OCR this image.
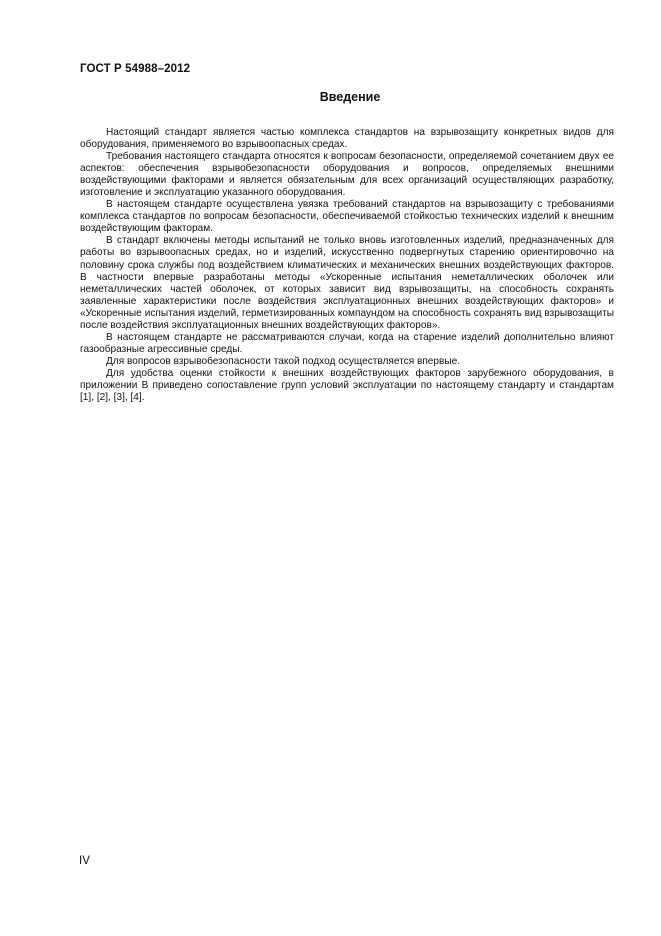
ГОСТ Р 54988–2012
Введение

Настоящий стандарт является частью комплекса стандартов на взрывозащиту конкретных видов для оборудования, применяемого во взрывоопасных средах.

Требования настоящего стандарта относятся к вопросам безопасности, определяемой сочетанием двух ее аспектов: обеспечения взрывобезопасности оборудования и вопросов, определяемых внешними воздействующими факторами и является обязательным для всех организаций осуществляющих разработку, изготовление и эксплуатацию указанного оборудования.

В настоящем стандарте осуществлена увязка требований стандартов на взрывозащиту с требованиями комплекса стандартов по вопросам безопасности, обеспечиваемой стойкостью технических изделий к внешним воздействующим факторам.

В стандарт включены методы испытаний не только вновь изготовленных изделий, предназначенных для работы во взрывоопасных средах, но и изделий, искусственно подвергнутых старению ориентировочно на половину срока службы под воздействием климатических и механических внешних воздействующих факторов. В частности впервые разработаны методы «Ускоренные испытания неметаллических оболочек или неметаллических частей оболочек, от которых зависит вид взрывозащиты, на способность сохранять заявленные характеристики после воздействия эксплуатационных внешних воздействующих факторов» и «Ускоренные испытания изделий, герметизированных компаундом на способность сохранять вид взрывозащиты после воздействия эксплуатационных внешних воздействующих факторов».

В настоящем стандарте не рассматриваются случаи, когда на старение изделий дополнительно влияют газообразные агрессивные среды.

Для вопросов взрывобезопасности такой подход осуществляется впервые.

Для удобства оценки стойкости к внешних воздействующих факторов зарубежного оборудования, в приложении В приведено сопоставление групп условий эксплуатации по настоящему стандарту и стандартам [1], [2], [3], [4].

IV
